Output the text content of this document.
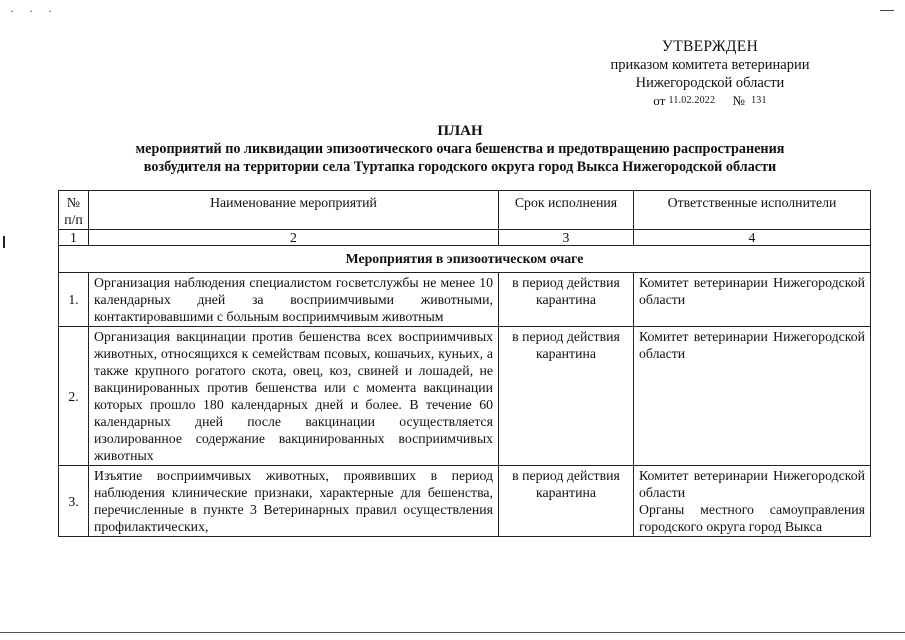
· · ·
УТВЕРЖДЕН
приказом комитета ветеринарии
Нижегородской области
от 11.02.2022 № 131
ПЛАН
мероприятий по ликвидации эпизоотического очага бешенства и предотвращению распространения
возбудителя на территории села Туртапка городского округа город Выкса Нижегородской области
№ п/п	Наименование мероприятий	Срок исполнения	Ответственные исполнители
1	2	3	4
Мероприятия в эпизоотическом очаге			
1.	Организация наблюдения специалистом госветслужбы не менее 10 календарных дней за восприимчивыми животными, контактировавшими с больным восприимчивым животным	в период действия карантина	Комитет ветеринарии Нижегородской области

2.	Организация вакцинации против бешенства всех восприимчивых животных, относящихся к семействам псовых, кошачьих, куньих, а также крупного рогатого скота, овец, коз, свиней и лошадей, не вакцинированных против бешенства или с момента вакцинации которых прошло 180 календарных дней и более. В течение 60 календарных дней после вакцинации осуществляется изолированное содержание вакцинированных восприимчивых животных	в период действия карантина	Комитет ветеринарии Нижегородской области

3.	Изъятие восприимчивых животных, проявивших в период наблюдения клинические признаки, характерные для бешенства, перечисленные в пункте 3 Ветеринарных правил осуществления профилактических,	в период действия карантина	Комитет ветеринарии Нижегородской области
Органы местного самоуправления городского округа город Выкса
